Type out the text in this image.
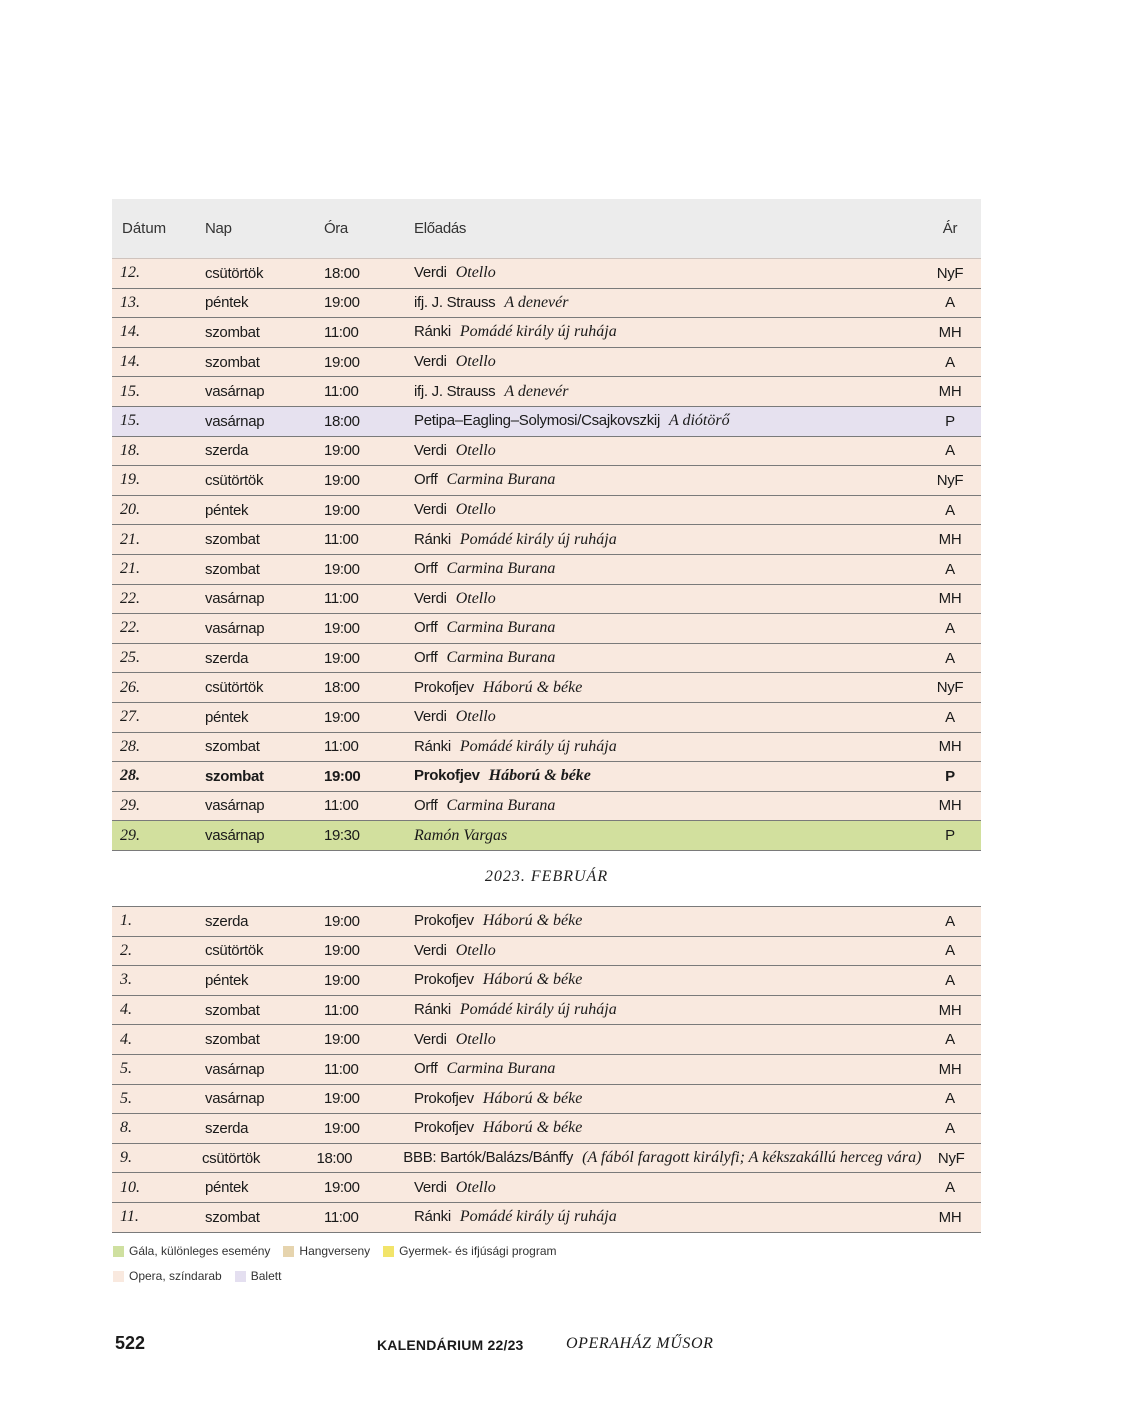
Dátum	Nap	Óra	Előadás	Ár
12.	csütörtök	18:00	Verdi Otello	NyF
13.	péntek	19:00	ifj. J. Strauss A denevér	A
14.	szombat	11:00	Ránki Pomádé király új ruhája	MH
14.	szombat	19:00	Verdi Otello	A
15.	vasárnap	11:00	ifj. J. Strauss A denevér	MH
15.	vasárnap	18:00	Petipa–Eagling–Solymosi/Csajkovszkij A diótörő	P
18.	szerda	19:00	Verdi Otello	A
19.	csütörtök	19:00	Orff Carmina Burana	NyF
20.	péntek	19:00	Verdi Otello	A
21.	szombat	11:00	Ránki Pomádé király új ruhája	MH
21.	szombat	19:00	Orff Carmina Burana	A
22.	vasárnap	11:00	Verdi Otello	MH
22.	vasárnap	19:00	Orff Carmina Burana	A
25.	szerda	19:00	Orff Carmina Burana	A
26.	csütörtök	18:00	Prokofjev Háború & béke	NyF
27.	péntek	19:00	Verdi Otello	A
28.	szombat	11:00	Ránki Pomádé király új ruhája	MH
28.	szombat	19:00	Prokofjev Háború & béke	P
29.	vasárnap	11:00	Orff Carmina Burana	MH
29.	vasárnap	19:30	Ramón Vargas	P
2023. FEBRUÁR
1.	szerda	19:00	Prokofjev Háború & béke	A
2.	csütörtök	19:00	Verdi Otello	A
3.	péntek	19:00	Prokofjev Háború & béke	A
4.	szombat	11:00	Ránki Pomádé király új ruhája	MH
4.	szombat	19:00	Verdi Otello	A
5.	vasárnap	11:00	Orff Carmina Burana	MH
5.	vasárnap	19:00	Prokofjev Háború & béke	A
8.	szerda	19:00	Prokofjev Háború & béke	A
9.	csütörtök	18:00	BBB: Bartók/Balázs/Bánffy (A fából faragott királyfi; A kékszakállú herceg vára)	NyF
10.	péntek	19:00	Verdi Otello	A
11.	szombat	11:00	Ránki Pomádé király új ruhája	MH
Gála, különleges esemény Hangverseny Gyermek- és ifjúsági program
Opera, színdarab Balett
522	KALENDÁRIUM 22/23	OPERAHÁZ MŰSOR
